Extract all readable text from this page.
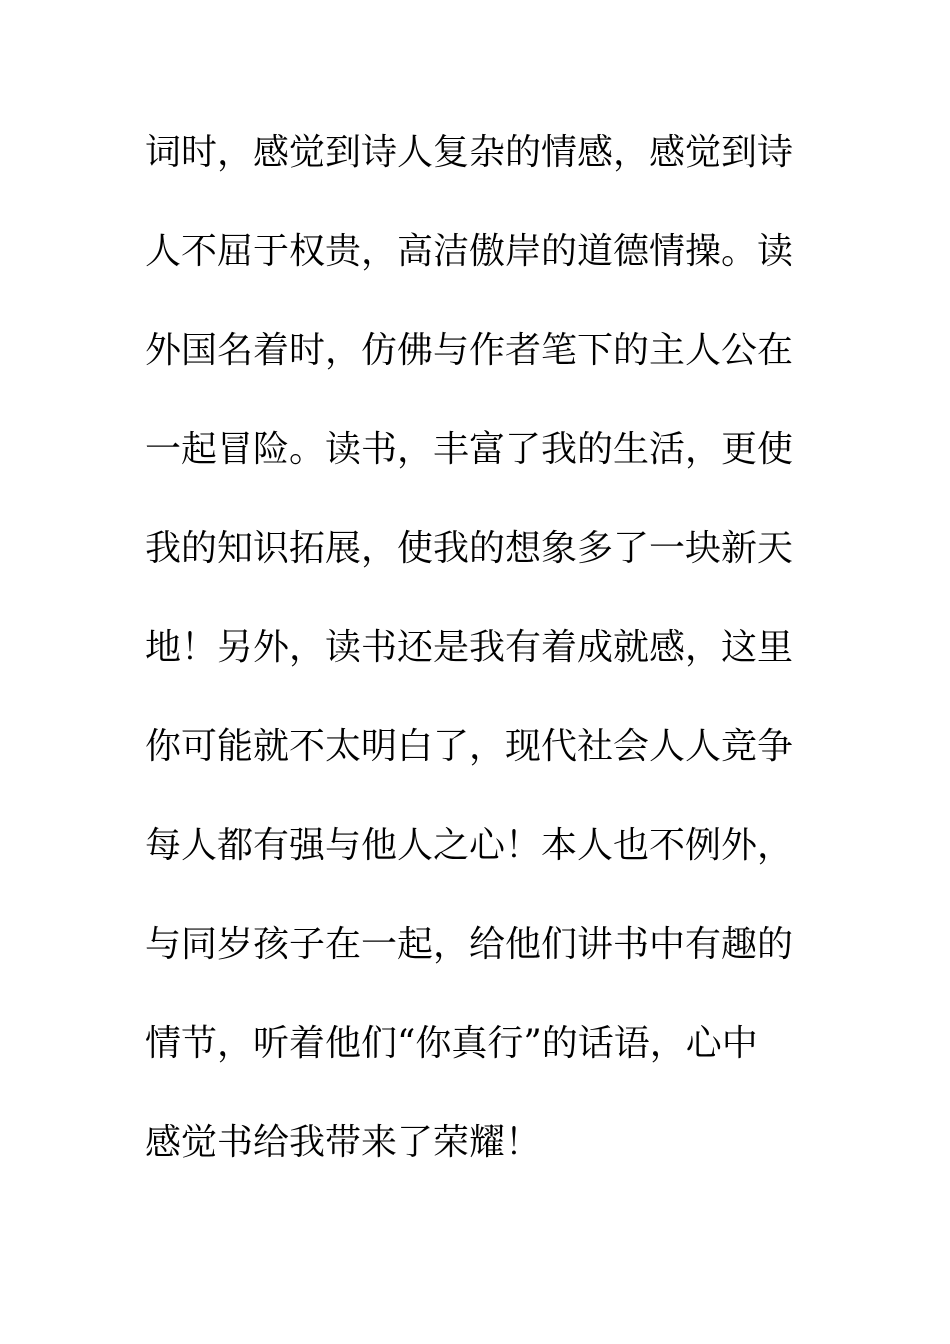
词时，感觉到诗人复杂的情感，感觉到诗
人不屈于权贵，高洁傲岸的道德情操。读
外国名着时，仿佛与作者笔下的主人公在
一起冒险。读书，丰富了我的生活，更使
我的知识拓展，使我的想象多了一块新天
地！另外，读书还是我有着成就感，这里
你可能就不太明白了，现代社会人人竞争
每人都有强与他人之心！本人也不例外，
与同岁孩子在一起，给他们讲书中有趣的
情节，听着他们“你真行”的话语，心中
感觉书给我带来了荣耀！
